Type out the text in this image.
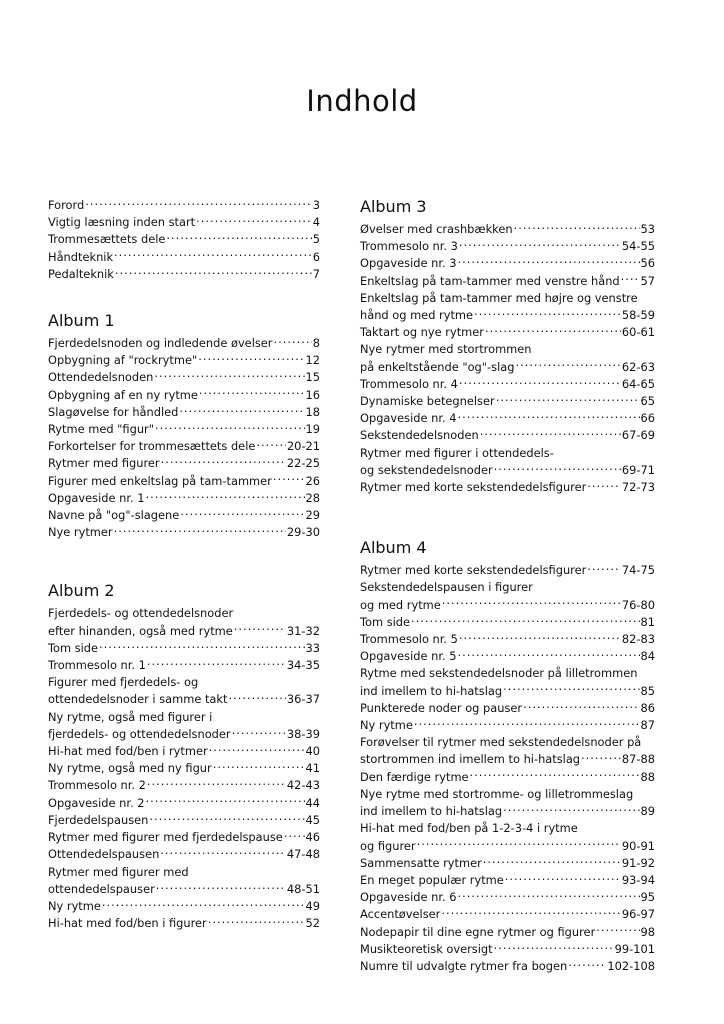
Indhold
Forord .....	3
Vigtig læsning inden start .....	4
Trommesættets dele .....	5
Håndteknik .....	6
Pedalteknik .....	7
Album 1
Fjerdedelsnoden og indledende øvelser .....	8
Opbygning af "rockrytme" .....	12
Ottendedelsnoden .....	15
Opbygning af en ny rytme .....	16
Slagøvelse for håndled .....	18
Rytme med "figur" .....	19
Forkortelser for trommesættets dele .....	20-21
Rytmer med figurer .....	22-25
Figurer med enkeltslag på tam-tammer .....	26
Opgaveside nr. 1 .....	28
Navne på "og"-slagene .....	29
Nye rytmer .....	29-30
Album 2
Fjerdedels- og ottendedelsnoder
efter hinanden, også med rytme .....	31-32
Tom side .....	33
Trommesolo nr. 1 .....	34-35
Figurer med fjerdedels- og
ottendedelsnoder i samme takt .....	36-37
Ny rytme, også med figurer i
fjerdedels- og ottendedelsnoder .....	38-39
Hi-hat med fod/ben i rytmer .....	40
Ny rytme, også med ny figur .....	41
Trommesolo nr. 2 .....	42-43
Opgaveside nr. 2 .....	44
Fjerdedelspausen .....	45
Rytmer med figurer med fjerdedelspause ..... 46
Ottendedelspausen .....	47-48
Rytmer med figurer med
ottendedelspauser .....	48-51
Ny rytme .....	49
Hi-hat med fod/ben i figurer .....	52
Album 3
Øvelser med crashbækken .....	53
Trommesolo nr. 3 .....	54-55
Opgaveside nr. 3 .....	56
Enkeltslag på tam-tammer med venstre hånd ..... 57
Enkeltslag på tam-tammer med højre og venstre
hånd og med rytme .....	58-59
Taktart og nye rytmer .....	60-61
Nye rytmer med stortrommen
på enkeltstående "og"-slag .....	62-63
Trommesolo nr. 4 .....	64-65
Dynamiske betegnelser .....	65
Opgaveside nr. 4 .....	66
Sekstendedelsnoden .....	67-69
Rytmer med figurer i ottendedels-
og sekstendedelsnoder .....	69-71
Rytmer med korte sekstendedelsfigurer .....	72-73
Album 4
Rytmer med korte sekstendedelsfigurer .....	74-75
Sekstendedelspausen i figurer
og med rytme .....	76-80
Tom side .....	81
Trommesolo nr. 5 .....	82-83
Opgaveside nr. 5 .....	84
Rytme med sekstendedelsnoder på lilletrommen
ind imellem to hi-hatslag .....	85
Punkterede noder og pauser .....	86
Ny rytme .....	87
Forøvelser til rytmer med sekstendedelsnoder på
stortrommen ind imellem to hi-hatslag .....	87-88
Den færdige rytme .....	88
Nye rytme med stortromme- og lilletrommeslag
ind imellem to hi-hatslag .....	89
Hi-hat med fod/ben på 1-2-3-4 i rytme
og figurer .....	90-91
Sammensatte rytmer .....	91-92
En meget populær rytme .....	93-94
Opgaveside nr. 6 .....	95
Accentøvelser .....	96-97
Nodepapir til dine egne rytmer og figurer .....	98
Musikteoretisk oversigt .....	99-101
Numre til udvalgte rytmer fra bogen .....	102-108
